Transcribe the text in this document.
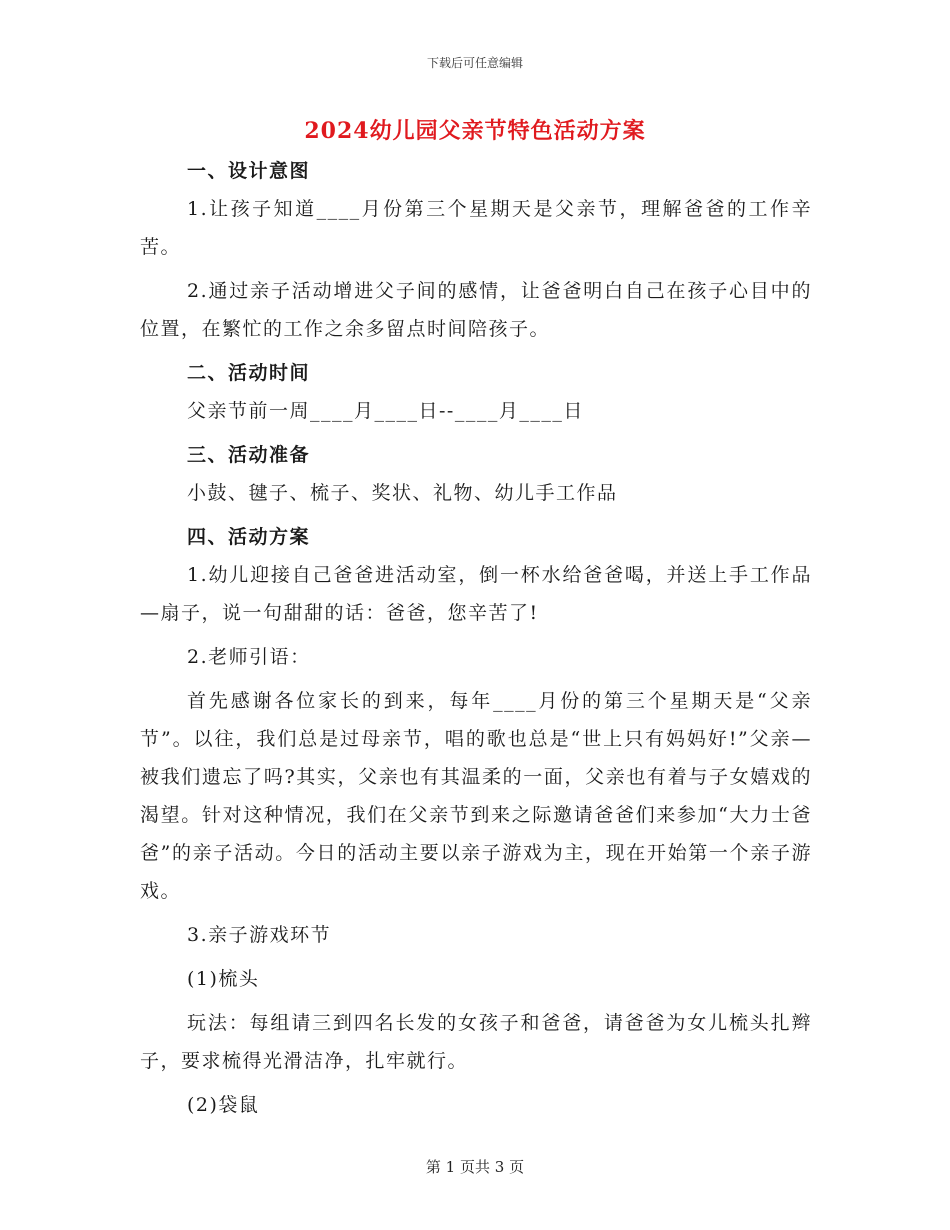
下载后可任意编辑
2024幼儿园父亲节特色活动方案

一、设计意图

1.让孩子知道____月份第三个星期天是父亲节，理解爸爸的工作辛苦。

2.通过亲子活动增进父子间的感情，让爸爸明白自己在孩子心目中的位置，在繁忙的工作之余多留点时间陪孩子。

二、活动时间

父亲节前一周____月____日--____月____日

三、活动准备

小鼓、毽子、梳子、奖状、礼物、幼儿手工作品

四、活动方案

1.幼儿迎接自己爸爸进活动室，倒一杯水给爸爸喝，并送上手工作品—扇子，说一句甜甜的话：爸爸，您辛苦了!

2.老师引语：

首先感谢各位家长的到来，每年____月份的第三个星期天是“父亲节”。以往，我们总是过母亲节，唱的歌也总是“世上只有妈妈好!”父亲—被我们遗忘了吗?其实，父亲也有其温柔的一面，父亲也有着与子女嬉戏的渴望。针对这种情况，我们在父亲节到来之际邀请爸爸们来参加“大力士爸爸”的亲子活动。今日的活动主要以亲子游戏为主，现在开始第一个亲子游戏。

3.亲子游戏环节

(1)梳头

玩法：每组请三到四名长发的女孩子和爸爸，请爸爸为女儿梳头扎辫子，要求梳得光滑洁净，扎牢就行。

(2)袋鼠

第 1 页共 3 页
